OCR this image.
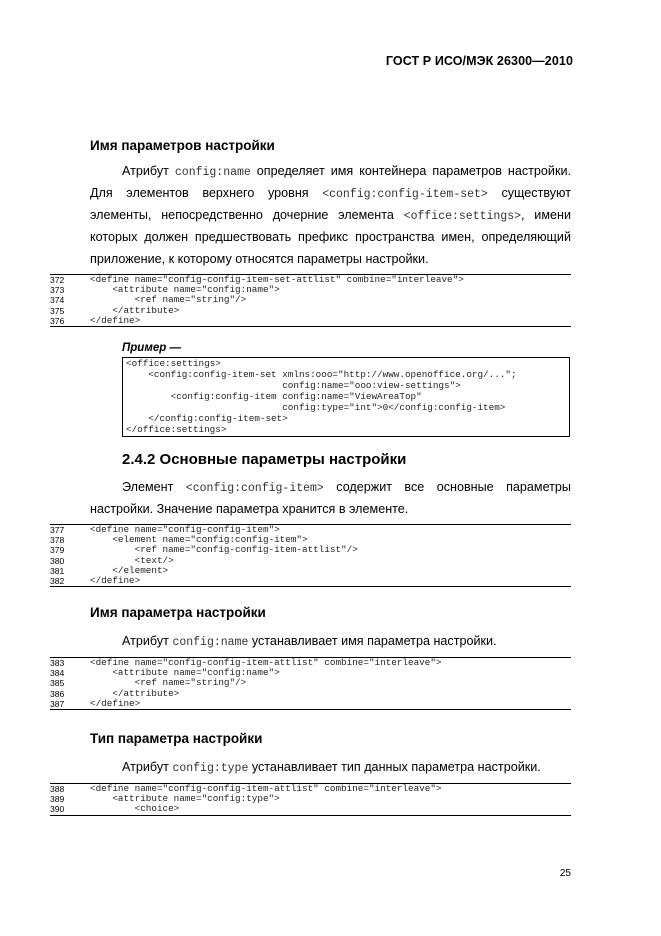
ГОСТ Р ИСО/МЭК 26300—2010
Имя параметров настройки
Атрибут config:name определяет имя контейнера параметров настройки.
Для элементов верхнего уровня <config:config-item-set> существуют
элементы, непосредственно дочерние элемента <office:settings>, имени
которых должен предшествовать префикс пространства имен, определяющий
приложение, к которому относятся параметры настройки.
372	<define name="config-config-item-set-attlist" combine="interleave">
373	<attribute name="config:name">
374	<ref name="string"/>
375	</attribute>
376	</define>
Пример —
<office:settings>
<config:config-item-set xmlns:ooo="http://www.openoffice.org/...";
config:name="ooo:view-settings">
<config:config-item config:name="ViewAreaTop"
config:type="int">0</config:config-item>
</config:config-item-set>
</office:settings>
2.4.2 Основные параметры настройки
Элемент <config:config-item> содержит все основные параметры
настройки. Значение параметра хранится в элементе.
377	<define name="config-config-item">
378	<element name="config:config-item">
379	<ref name="config-config-item-attlist"/>
380	<text/>
381	</element>
382	</define>
Имя параметра настройки
Атрибут config:name устанавливает имя параметра настройки.
383	<define name="config-config-item-attlist" combine="interleave">
384	<attribute name="config:name">
385	<ref name="string"/>
386	</attribute>
387	</define>
Тип параметра настройки
Атрибут config:type устанавливает тип данных параметра настройки.
388	<define name="config-config-item-attlist" combine="interleave">
389	<attribute name="config:type">
390	<choice>
25
